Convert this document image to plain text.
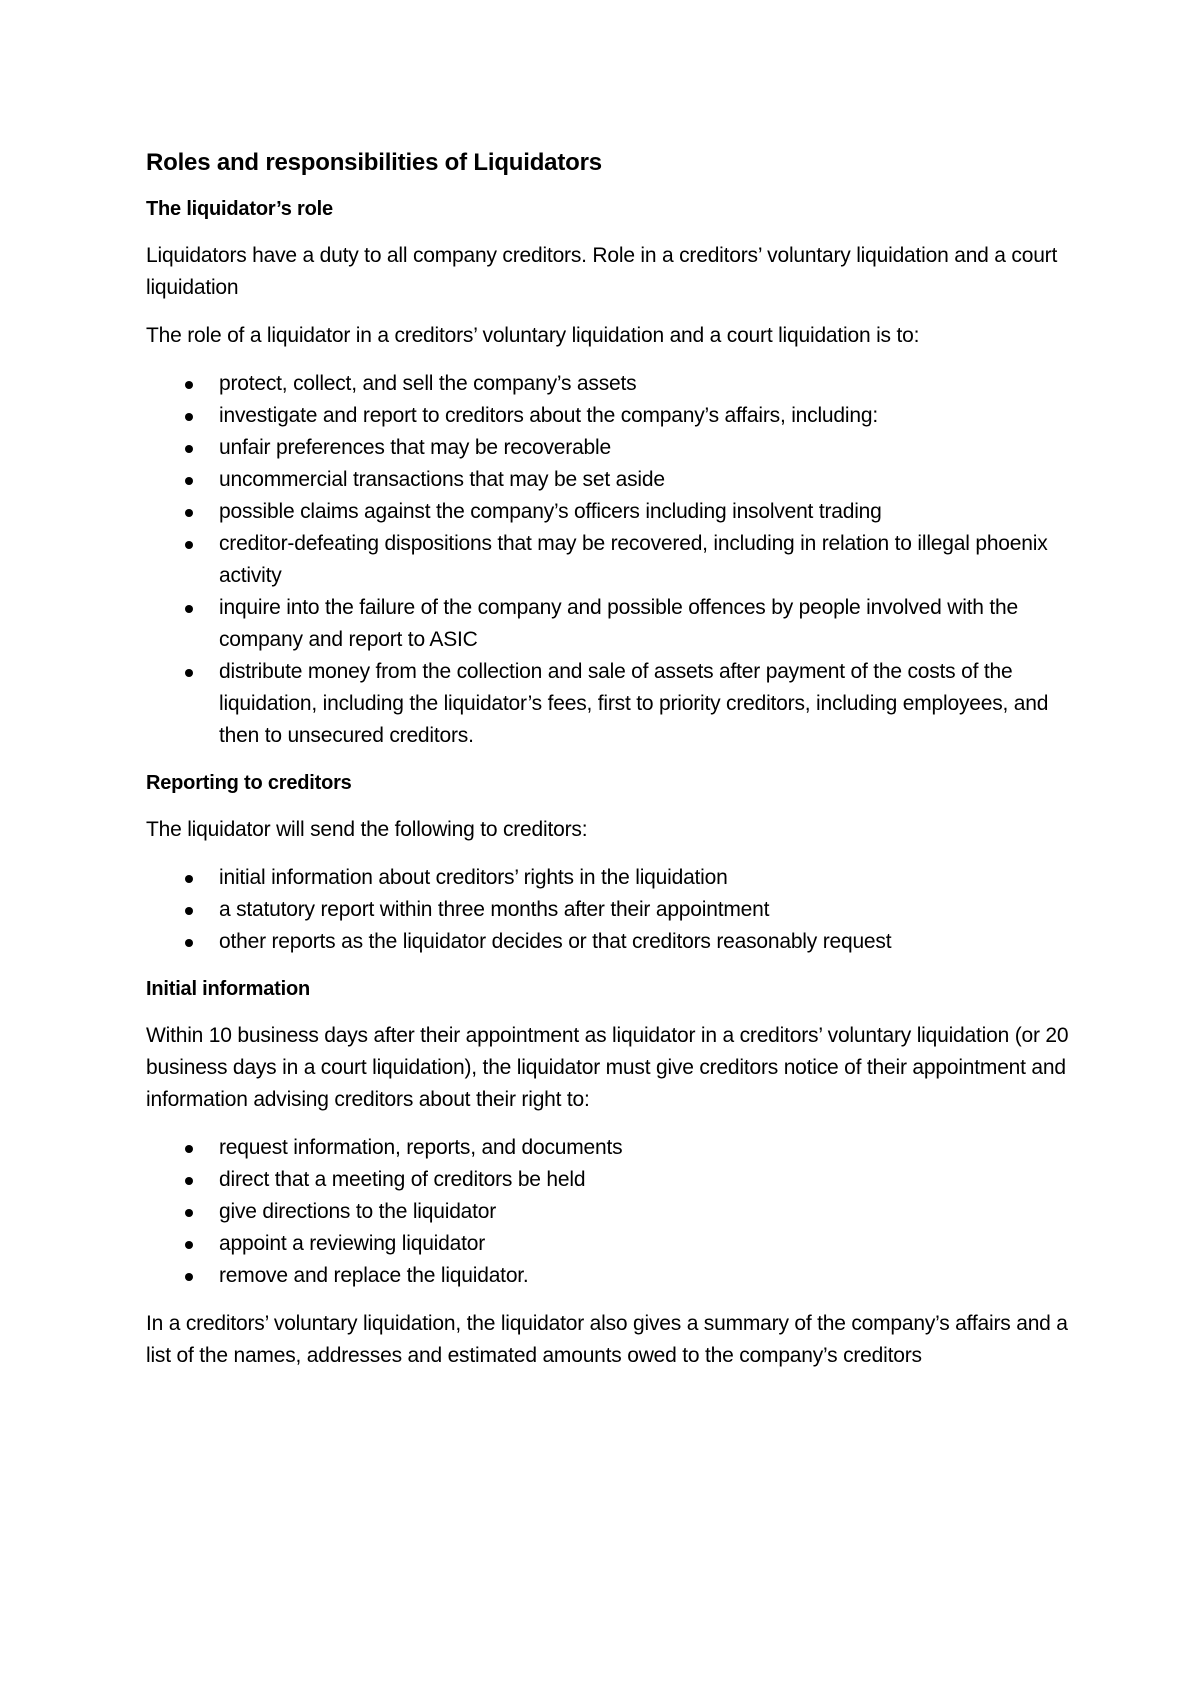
Roles and responsibilities of Liquidators
The liquidator’s role

Liquidators have a duty to all company creditors. Role in a creditors’ voluntary liquidation and a court liquidation

The role of a liquidator in a creditors’ voluntary liquidation and a court liquidation is to:

protect, collect, and sell the company’s assets
investigate and report to creditors about the company’s affairs, including:
unfair preferences that may be recoverable
uncommercial transactions that may be set aside
possible claims against the company’s officers including insolvent trading
creditor-defeating dispositions that may be recovered, including in relation to illegal phoenix activity
inquire into the failure of the company and possible offences by people involved with the company and report to ASIC
distribute money from the collection and sale of assets after payment of the costs of the liquidation, including the liquidator’s fees, first to priority creditors, including employees, and then to unsecured creditors.
Reporting to creditors

The liquidator will send the following to creditors:

initial information about creditors’ rights in the liquidation
a statutory report within three months after their appointment
other reports as the liquidator decides or that creditors reasonably request
Initial information

Within 10 business days after their appointment as liquidator in a creditors’ voluntary liquidation (or 20 business days in a court liquidation), the liquidator must give creditors notice of their appointment and information advising creditors about their right to:

request information, reports, and documents
direct that a meeting of creditors be held
give directions to the liquidator
appoint a reviewing liquidator
remove and replace the liquidator.

In a creditors’ voluntary liquidation, the liquidator also gives a summary of the company’s affairs and a list of the names, addresses and estimated amounts owed to the company’s creditors
